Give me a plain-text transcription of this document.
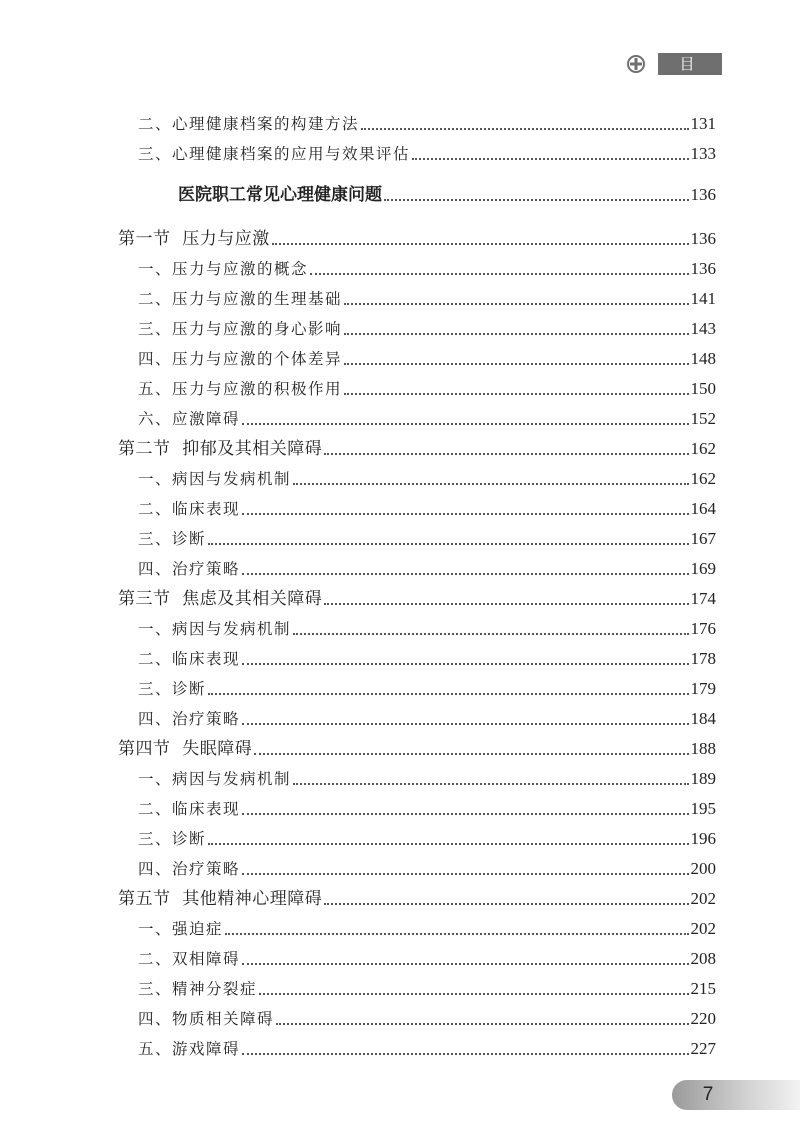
目 录
二、心理健康档案的构建方法	131
三、心理健康档案的应用与效果评估	133
医院职工常见心理健康问题	136
第一节  压力与应激	136
一、压力与应激的概念	136
二、压力与应激的生理基础	141
三、压力与应激的身心影响	143
四、压力与应激的个体差异	148
五、压力与应激的积极作用	150
六、应激障碍	152
第二节  抑郁及其相关障碍	162
一、病因与发病机制	162
二、临床表现	164
三、诊断	167
四、治疗策略	169
第三节  焦虑及其相关障碍	174
一、病因与发病机制	176
二、临床表现	178
三、诊断	179
四、治疗策略	184
第四节  失眠障碍	188
一、病因与发病机制	189
二、临床表现	195
三、诊断	196
四、治疗策略	200
第五节  其他精神心理障碍	202
一、强迫症	202
二、双相障碍	208
三、精神分裂症	215
四、物质相关障碍	220
五、游戏障碍	227
7
